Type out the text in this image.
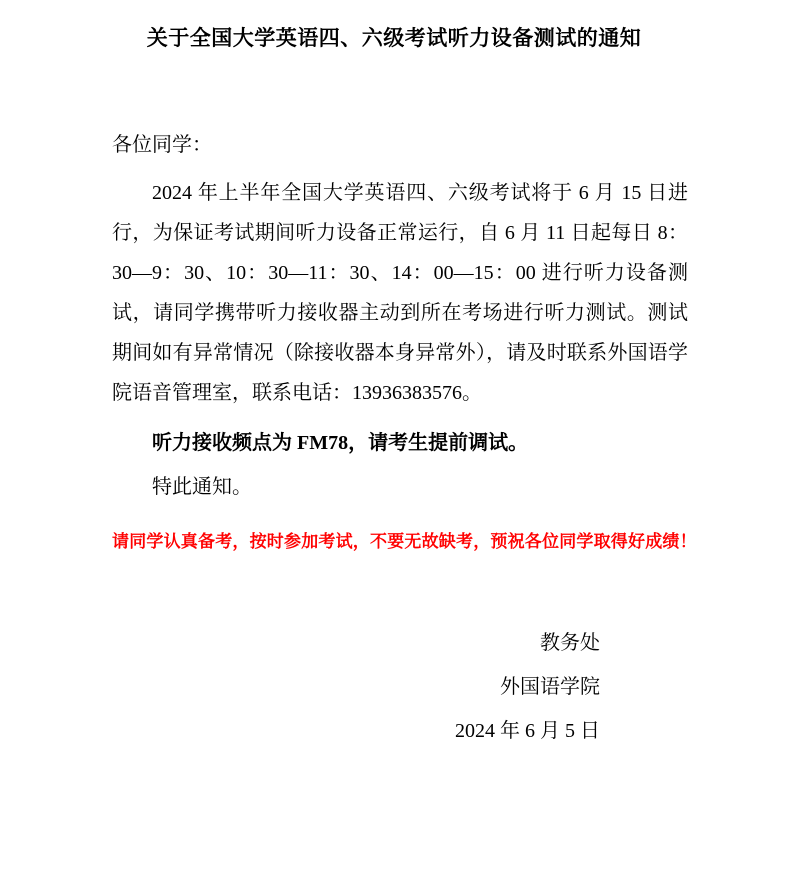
关于全国大学英语四、六级考试听力设备测试的通知

各位同学：

2024 年上半年全国大学英语四、六级考试将于 6 月 15 日进行，为保证考试期间听力设备正常运行，自 6 月 11 日起每日 8：30—9：30、10：30—11：30、14：00—15：00 进行听力设备测试，请同学携带听力接收器主动到所在考场进行听力测试。测试期间如有异常情况（除接收器本身异常外），请及时联系外国语学院语音管理室，联系电话：13936383576。

听力接收频点为 FM78，请考生提前调试。

特此通知。

请同学认真备考，按时参加考试，不要无故缺考，预祝各位同学取得好成绩！

教务处

外国语学院

2024 年 6 月 5 日
